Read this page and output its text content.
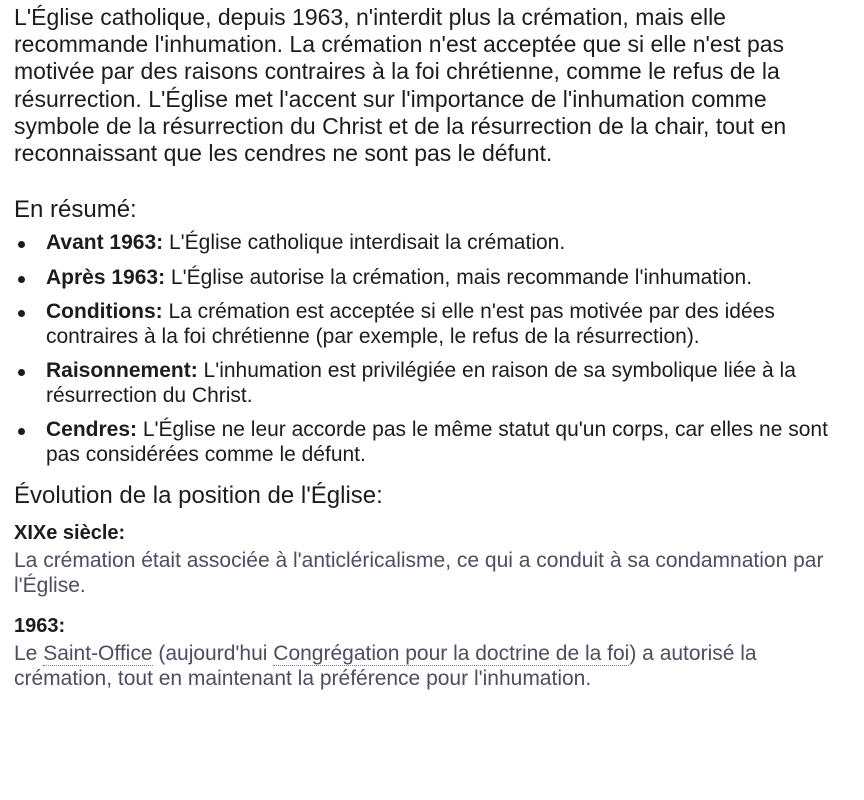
L'Église catholique, depuis 1963, n'interdit plus la crémation, mais elle recommande l'inhumation. La crémation n'est acceptée que si elle n'est pas motivée par des raisons contraires à la foi chrétienne, comme le refus de la résurrection. L'Église met l'accent sur l'importance de l'inhumation comme symbole de la résurrection du Christ et de la résurrection de la chair, tout en reconnaissant que les cendres ne sont pas le défunt.

En résumé:
Avant 1963: L'Église catholique interdisait la crémation.
Après 1963: L'Église autorise la crémation, mais recommande l'inhumation.
Conditions: La crémation est acceptée si elle n'est pas motivée par des idées contraires à la foi chrétienne (par exemple, le refus de la résurrection).
Raisonnement: L'inhumation est privilégiée en raison de sa symbolique liée à la résurrection du Christ.
Cendres: L'Église ne leur accorde pas le même statut qu'un corps, car elles ne sont pas considérées comme le défunt.
Évolution de la position de l'Église:
XIXe siècle:

La crémation était associée à l'anticléricalisme, ce qui a conduit à sa condamnation par l'Église.

1963:

Le Saint-Office (aujourd'hui Congrégation pour la doctrine de la foi) a autorisé la crémation, tout en maintenant la préférence pour l'inhumation.
